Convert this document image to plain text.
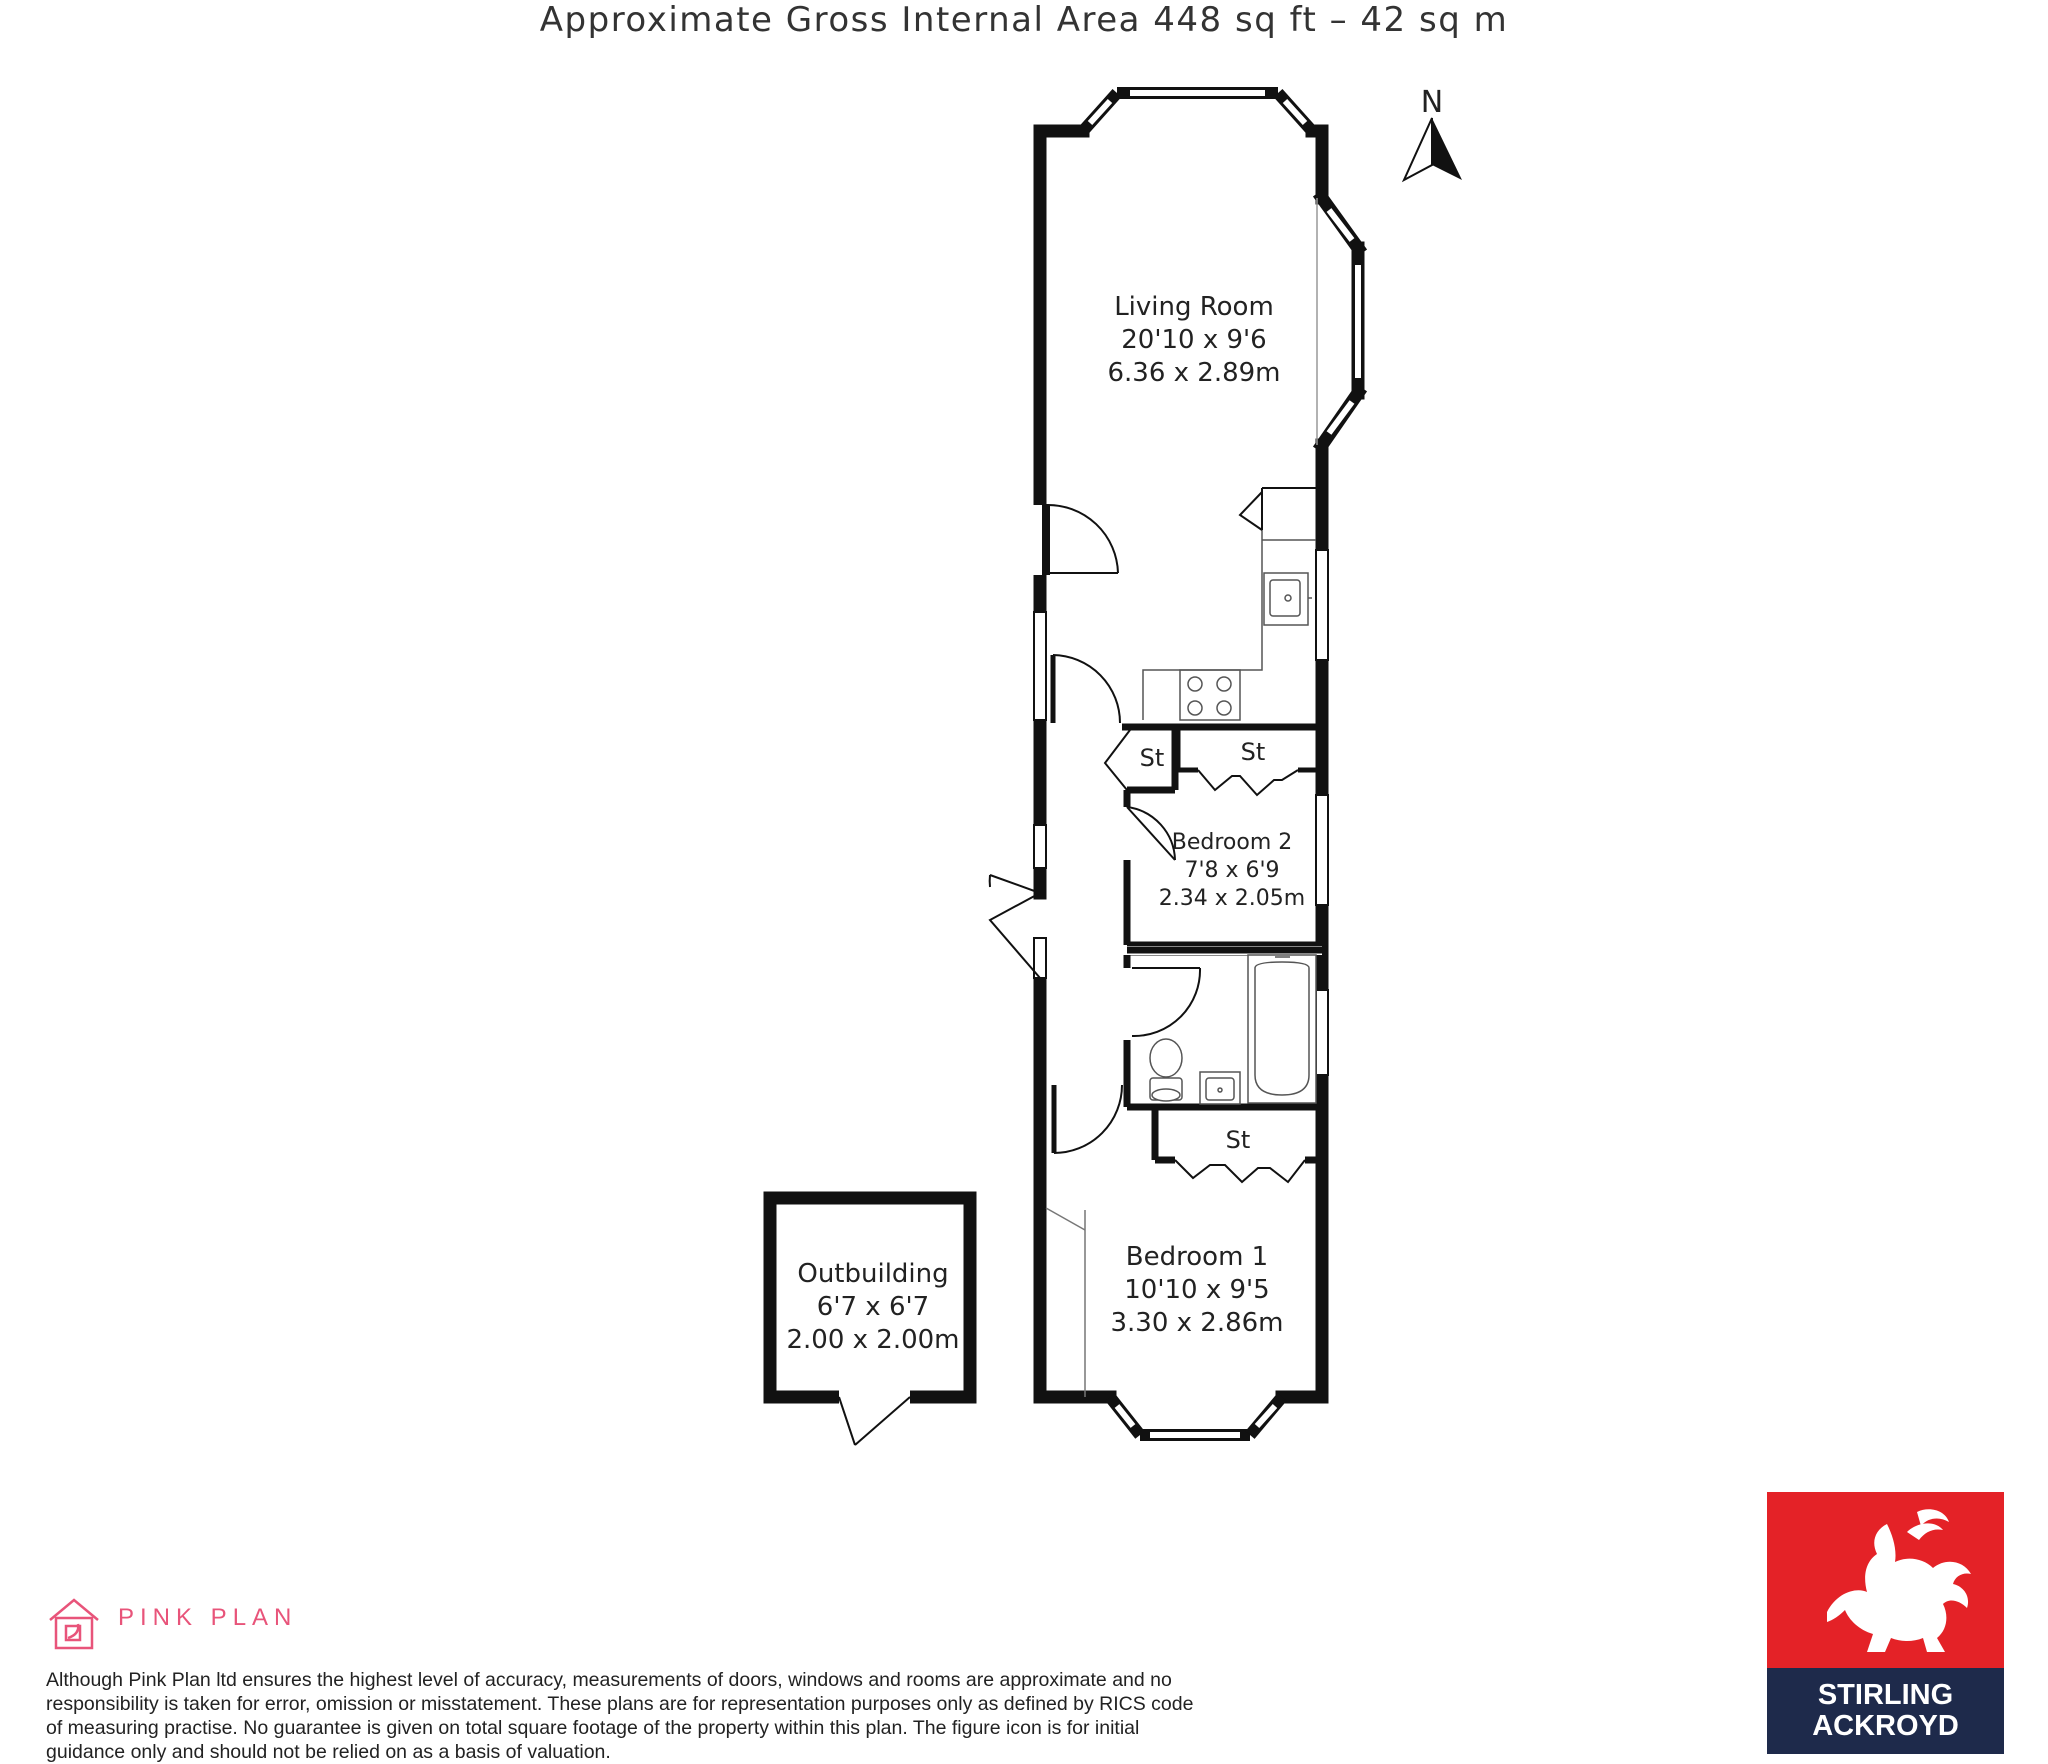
Approximate Gross Internal Area 448 sq ft – 42 sq m
N
Living Room
20'10 x 9'6
6.36 x 2.89m
St	St
Bedroom 2
7'8 x 6'9
2.34 x 2.05m
St
Bedroom 1
10'10 x 9'5
3.30 x 2.86m
Outbuilding
6'7 x 6'7
2.00 x 2.00m
PINK PLAN
Although Pink Plan ltd ensures the highest level of accuracy, measurements of doors, windows and rooms are approximate and no responsibility is taken for error, omission or misstatement. These plans are for representation purposes only as defined by RICS code of measuring practise. No guarantee is given on total square footage of the property within this plan. The figure icon is for initial guidance only and should not be relied on as a basis of valuation.
STIRLING
ACKROYD
